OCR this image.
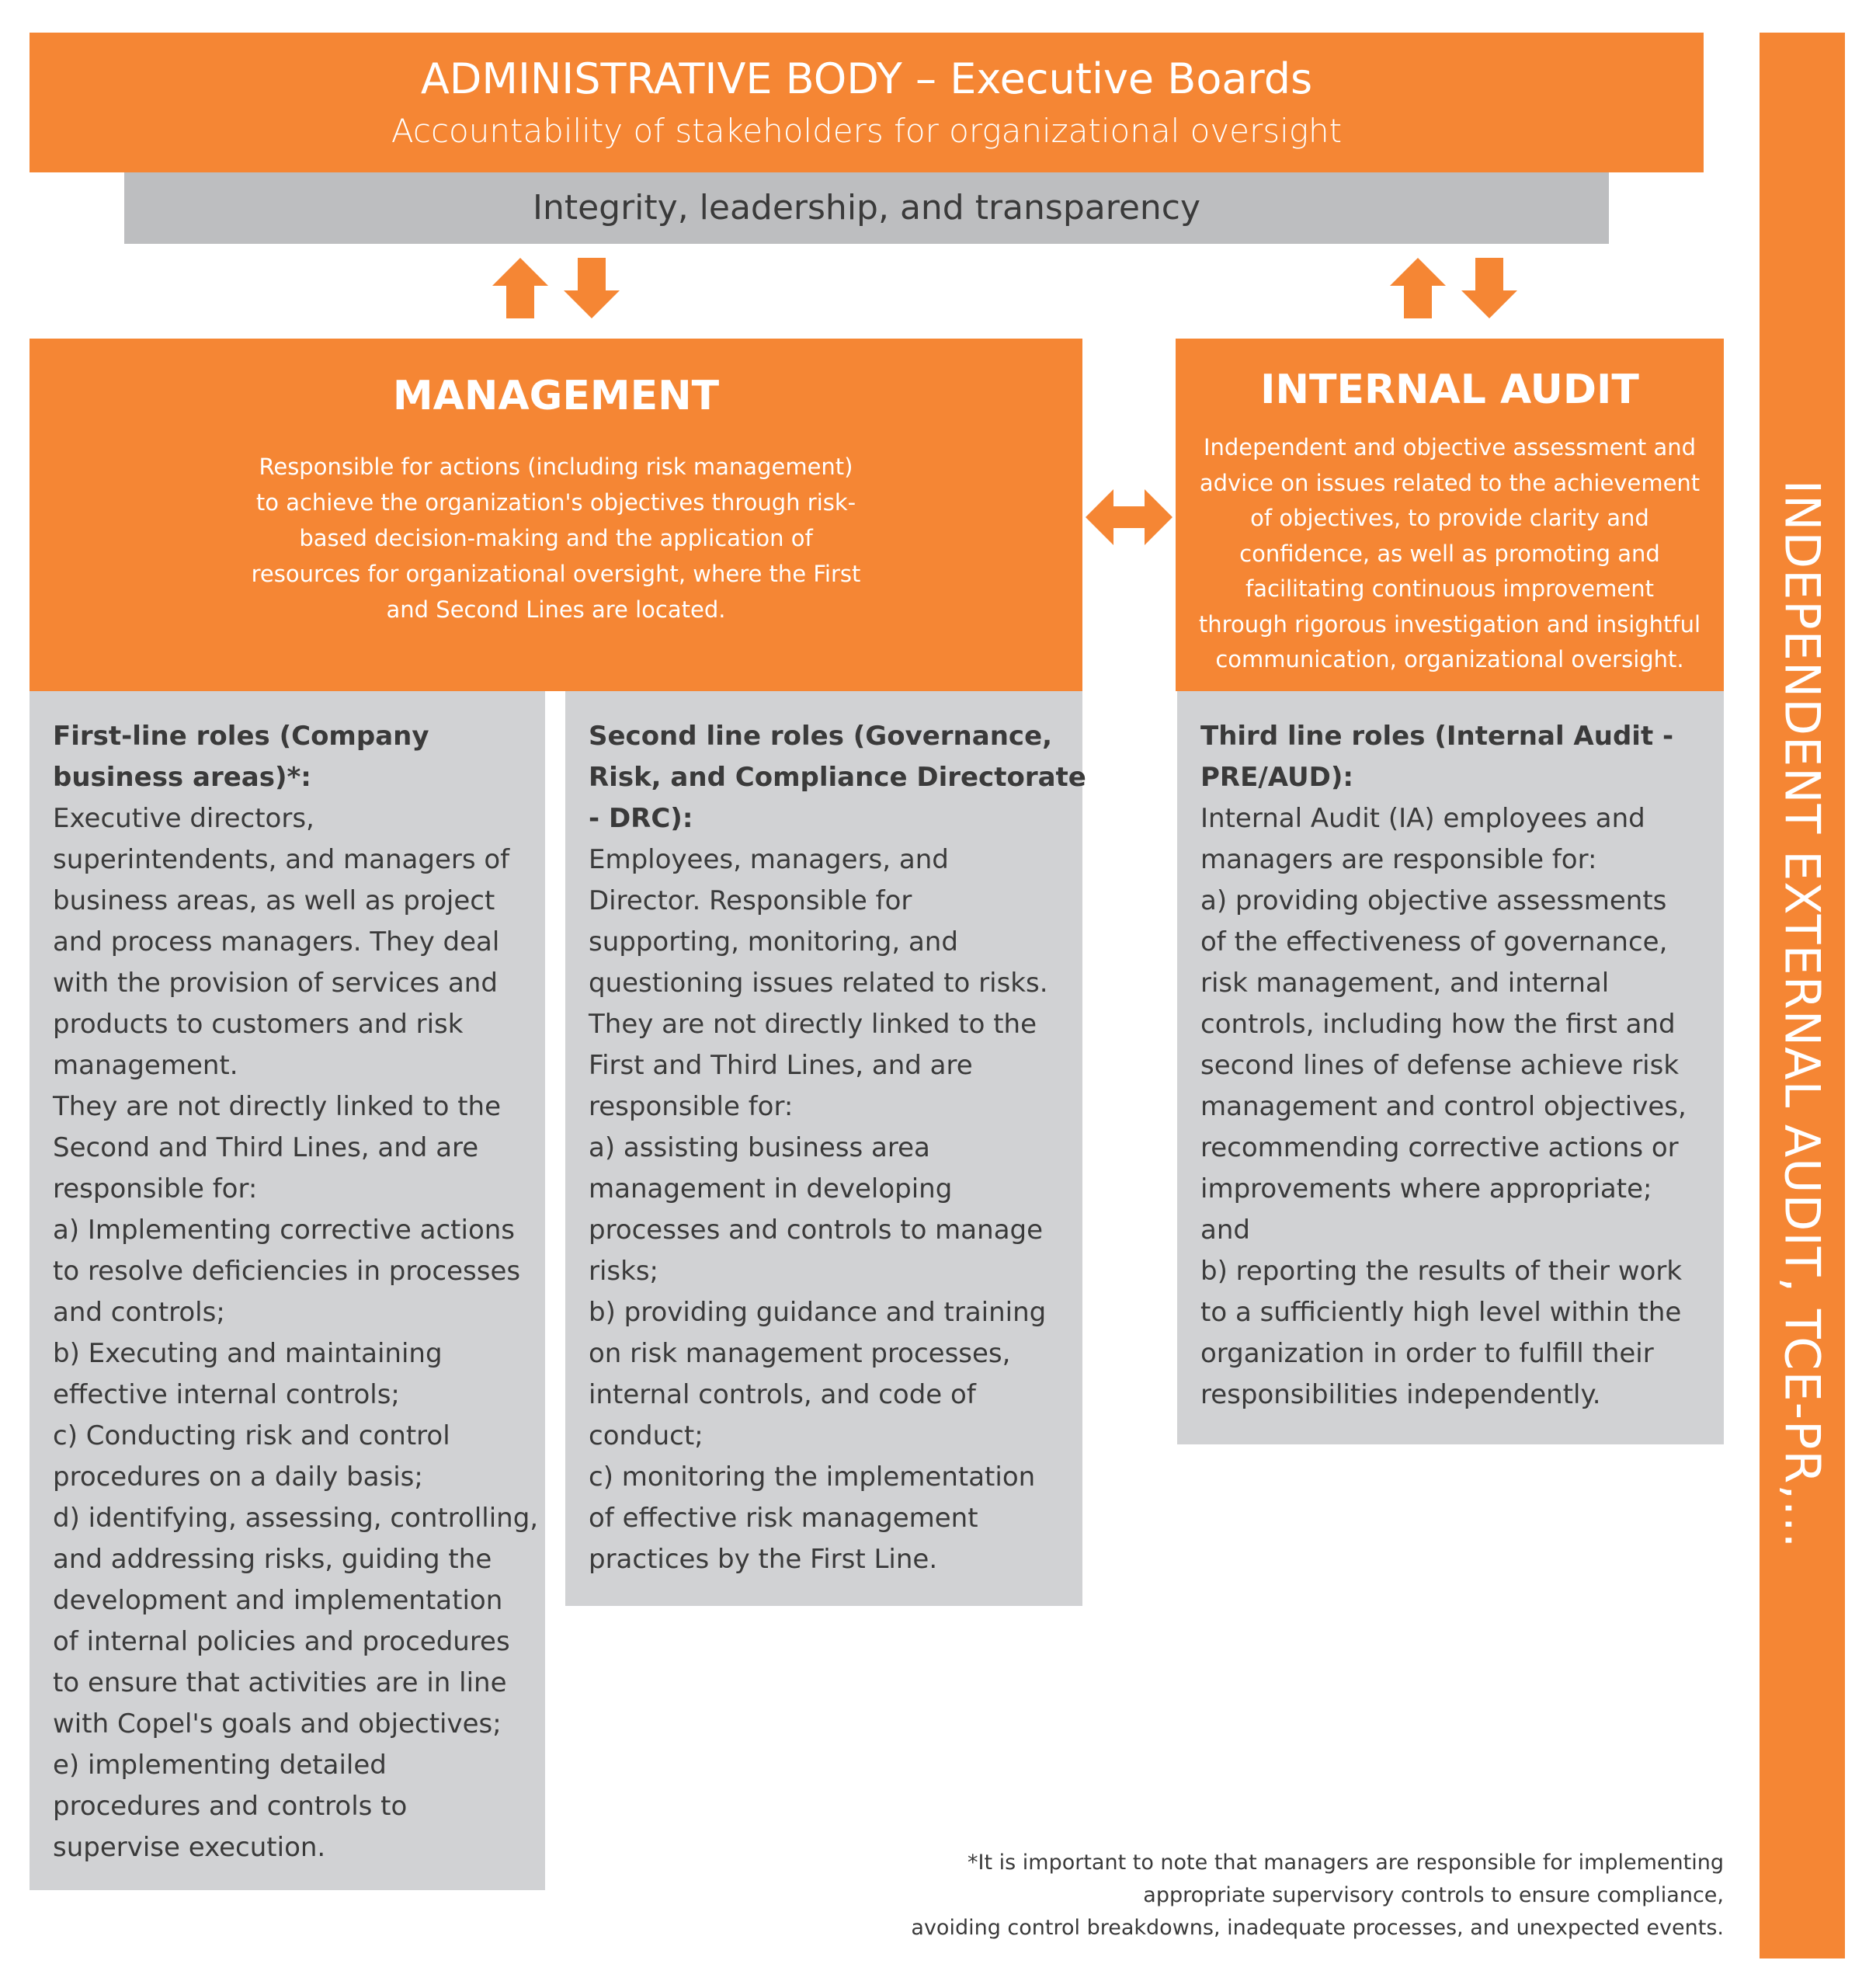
ADMINISTRATIVE BODY – Executive Boards
Accountability of stakeholders for organizational oversight
Integrity, leadership, and transparency
MANAGEMENT
Responsible for actions (including risk management)
to achieve the organization's objectives through risk-
based decision-making and the application of
resources for organizational oversight, where the First
and Second Lines are located.
INTERNAL AUDIT
Independent and objective assessment and
advice on issues related to the achievement
of objectives, to provide clarity and
confidence, as well as promoting and
facilitating continuous improvement
through rigorous investigation and insightful
communication, organizational oversight.
First-line roles (Company
business areas)*:
Executive directors,
superintendents, and managers of
business areas, as well as project
and process managers. They deal
with the provision of services and
products to customers and risk
management.
They are not directly linked to the
Second and Third Lines, and are
responsible for:
a) Implementing corrective actions
to resolve deficiencies in processes
and controls;
b) Executing and maintaining
effective internal controls;
c) Conducting risk and control
procedures on a daily basis;
d) identifying, assessing, controlling,
and addressing risks, guiding the
development and implementation
of internal policies and procedures
to ensure that activities are in line
with Copel's goals and objectives;
e) implementing detailed
procedures and controls to
supervise execution.
Second line roles (Governance,
Risk, and Compliance Directorate
- DRC):
Employees, managers, and
Director. Responsible for
supporting, monitoring, and
questioning issues related to risks.
They are not directly linked to the
First and Third Lines, and are
responsible for:
a) assisting business area
management in developing
processes and controls to manage
risks;
b) providing guidance and training
on risk management processes,
internal controls, and code of
conduct;
c) monitoring the implementation
of effective risk management
practices by the First Line.
Third line roles (Internal Audit -
PRE/AUD):
Internal Audit (IA) employees and
managers are responsible for:
a) providing objective assessments
of the effectiveness of governance,
risk management, and internal
controls, including how the first and
second lines of defense achieve risk
management and control objectives,
recommending corrective actions or
improvements where appropriate;
and
b) reporting the results of their work
to a sufficiently high level within the
organization in order to fulfill their
responsibilities independently.	INDEPENDENT EXTERNAL AUDIT, TCE-PR,...
*It is important to note that managers are responsible for implementing
appropriate supervisory controls to ensure compliance,
avoiding control breakdowns, inadequate processes, and unexpected events.
